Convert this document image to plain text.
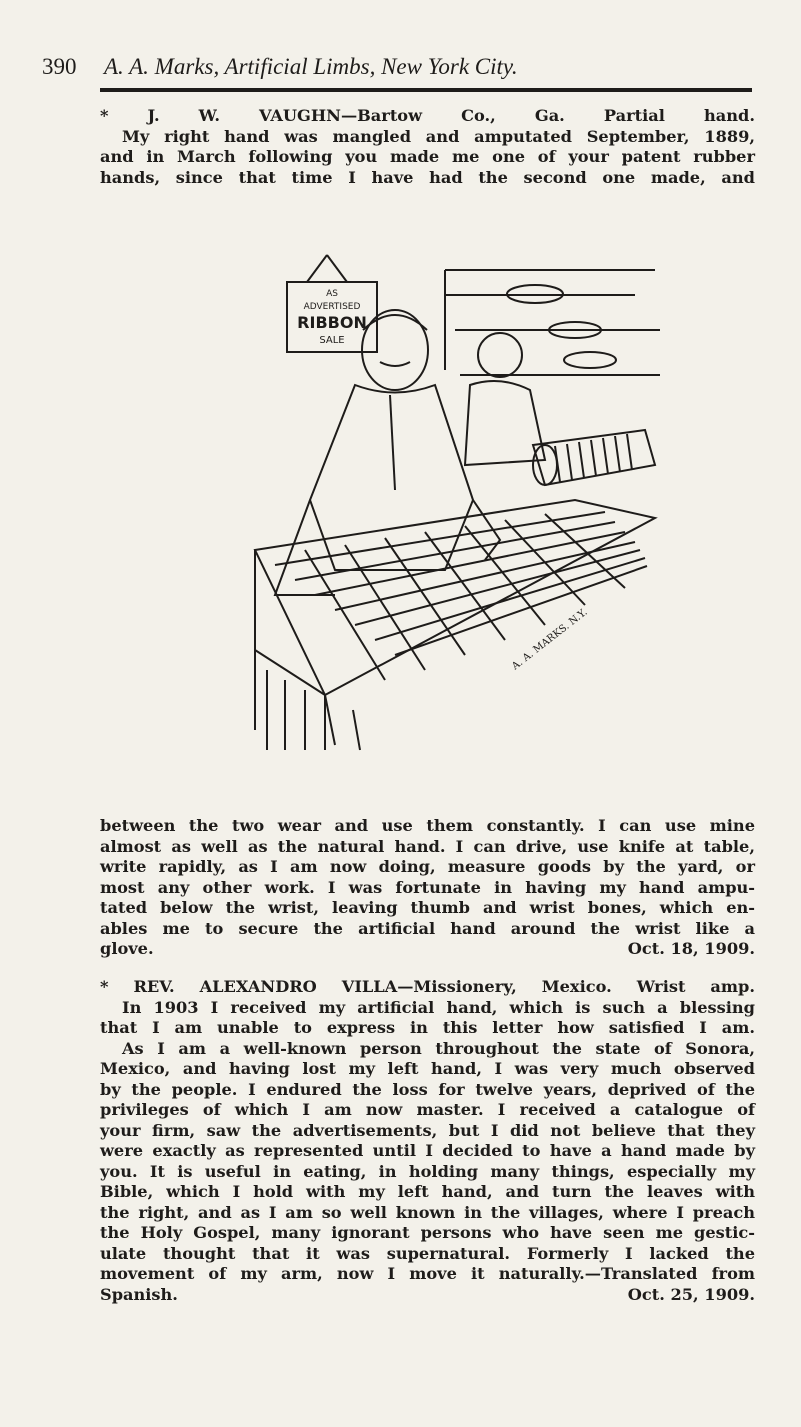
390 A. A. Marks, Artificial Limbs, New York City.

* J. W. VAUGHN—Bartow Co., Ga. Partial hand.

My right hand was mangled and amputated September, 1889,

and in March following you made me one of your patent rubber

hands, since that time I have had the second one made, and

AS
ADVERTISED
RIBBON
SALE
A. A. MARKS. N.Y.

between the two wear and use them constantly. I can use mine

almost as well as the natural hand. I can drive, use knife at table,

write rapidly, as I am now doing, measure goods by the yard, or

most any other work. I was fortunate in having my hand ampu-

tated below the wrist, leaving thumb and wrist bones, which en-

ables me to secure the artificial hand around the wrist like a

glove.	Oct. 18, 1909.

* REV. ALEXANDRO VILLA—Missionery, Mexico. Wrist amp.

In 1903 I received my artificial hand, which is such a blessing

that I am unable to express in this letter how satisfied I am.

As I am a well-known person throughout the state of Sonora,

Mexico, and having lost my left hand, I was very much observed

by the people. I endured the loss for twelve years, deprived of the

privileges of which I am now master. I received a catalogue of

your firm, saw the advertisements, but I did not believe that they

were exactly as represented until I decided to have a hand made by

you. It is useful in eating, in holding many things, especially my

Bible, which I hold with my left hand, and turn the leaves with

the right, and as I am so well known in the villages, where I preach

the Holy Gospel, many ignorant persons who have seen me gestic-

ulate thought that it was supernatural. Formerly I lacked the

movement of my arm, now I move it naturally.—Translated from

Spanish.	Oct. 25, 1909.
